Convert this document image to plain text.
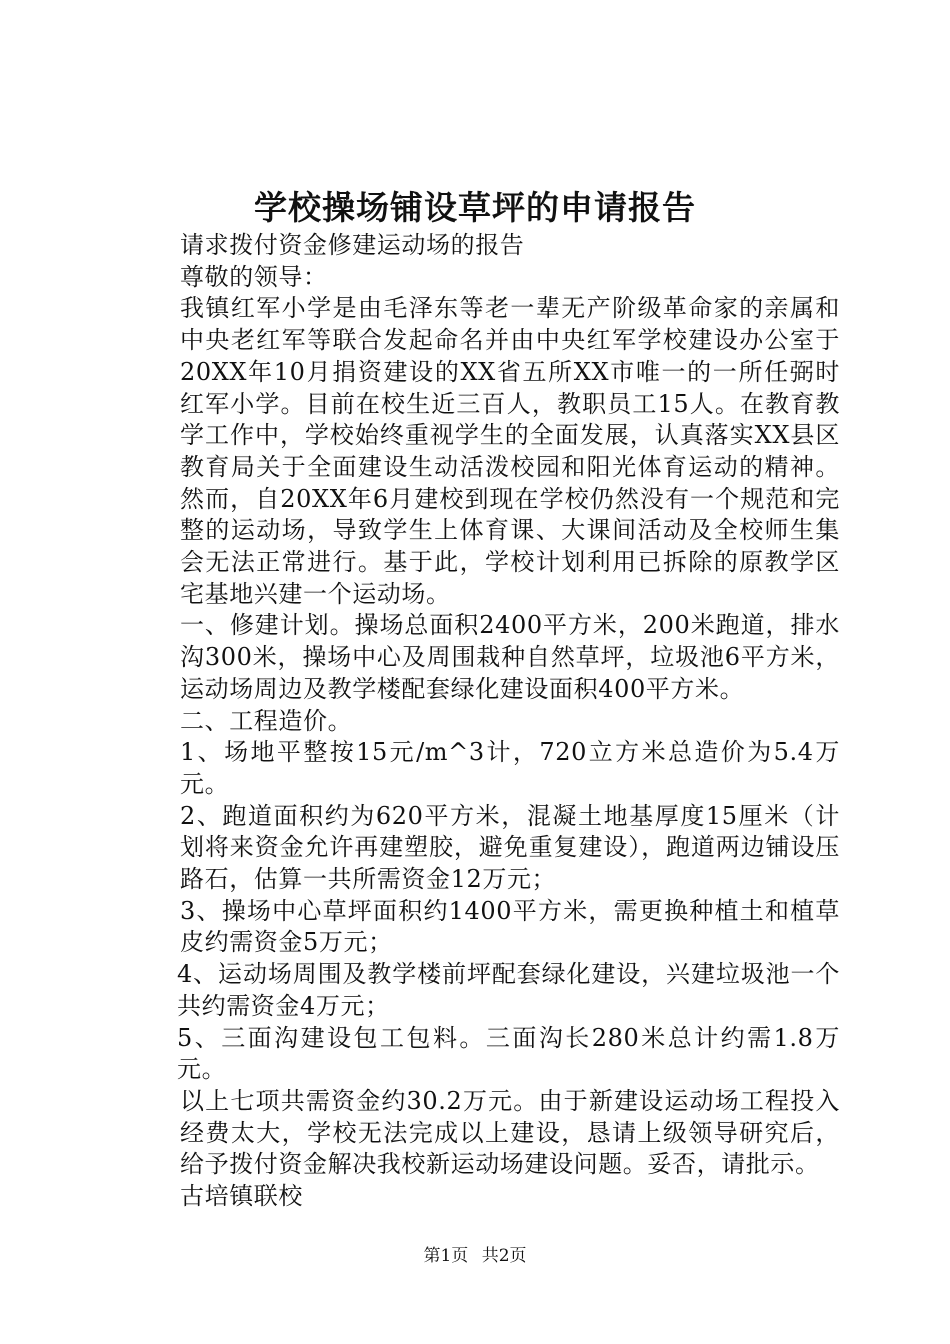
学校操场铺设草坪的申请报告
请求拨付资金修建运动场的报告
尊敬的领导：

我镇红军小学是由毛泽东等老一辈无产阶级革命家的亲属和中央老红军等联合发起命名并由中央红军学校建设办公室于20XX年10月捐资建设的XX省五所XX市唯一的一所任弼时红军小学。目前在校生近三百人，教职员工15人。在教育教学工作中，学校始终重视学生的全面发展，认真落实XX县区教育局关于全面建设生动活泼校园和阳光体育运动的精神。然而，自20XX年6月建校到现在学校仍然没有一个规范和完整的运动场，导致学生上体育课、大课间活动及全校师生集会无法正常进行。基于此，学校计划利用已拆除的原教学区宅基地兴建一个运动场。

一、修建计划。操场总面积2400平方米，200米跑道，排水沟300米，操场中心及周围栽种自然草坪，垃圾池6平方米，运动场周边及教学楼配套绿化建设面积400平方米。

二、工程造价。

1、场地平整按15元/m^3计，720立方米总造价为5.4万元。

2、跑道面积约为620平方米，混凝土地基厚度15厘米（计划将来资金允许再建塑胶，避免重复建设），跑道两边铺设压路石，估算一共所需资金12万元；

3、操场中心草坪面积约1400平方米，需更换种植土和植草皮约需资金5万元；

4、运动场周围及教学楼前坪配套绿化建设，兴建垃圾池一个共约需资金4万元；

5、三面沟建设包工包料。三面沟长280米总计约需1.8万元。

以上七项共需资金约30.2万元。由于新建设运动场工程投入经费太大，学校无法完成以上建设，恳请上级领导研究后，给予拨付资金解决我校新运动场建设问题。妥否，请批示。

古培镇联校
第1页 共2页
